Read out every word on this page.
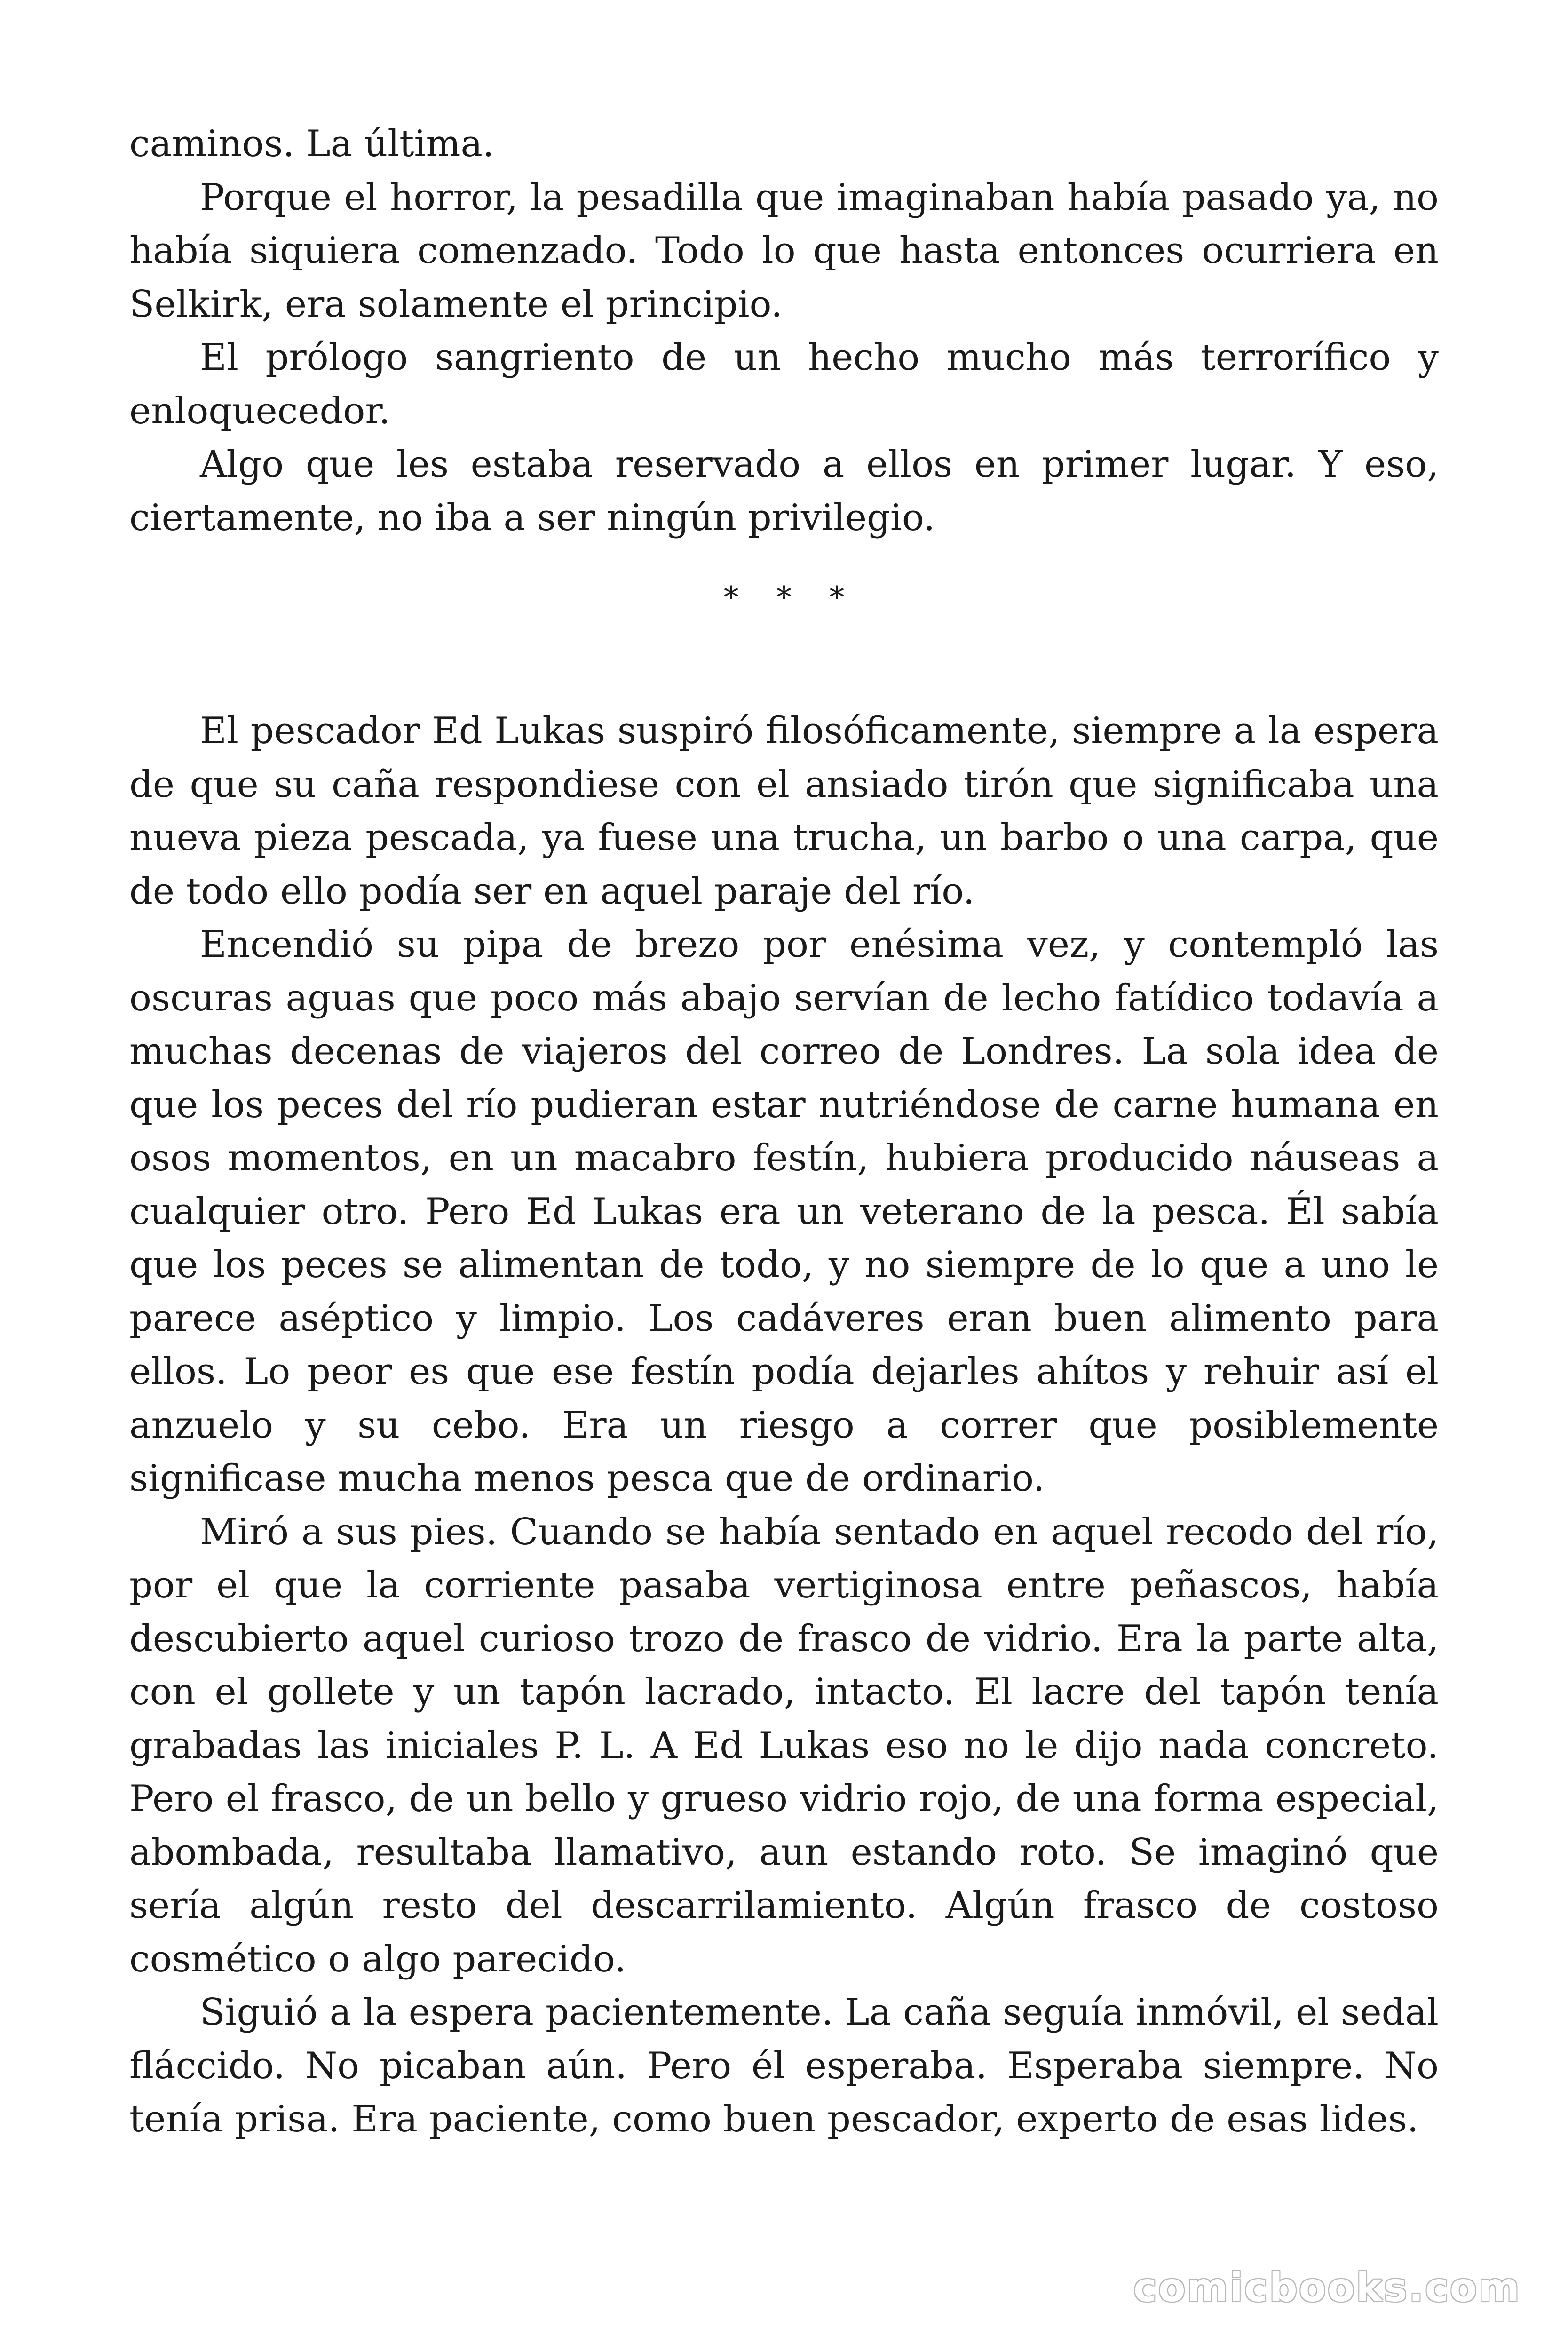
caminos. La última.

Porque el horror, la pesadilla que imaginaban había pasado ya, no había siquiera comenzado. Todo lo que hasta entonces ocurriera en Selkirk, era solamente el principio.

El prólogo sangriento de un hecho mucho más terrorífico y enloquecedor.

Algo que les estaba reservado a ellos en primer lugar. Y eso, ciertamente, no iba a ser ningún privilegio.

* * *

El pescador Ed Lukas suspiró filosóficamente, siempre a la espera de que su caña respondiese con el ansiado tirón que significaba una nueva pieza pescada, ya fuese una trucha, un barbo o una carpa, que de todo ello podía ser en aquel paraje del río.

Encendió su pipa de brezo por enésima vez, y contempló las oscuras aguas que poco más abajo servían de lecho fatídico todavía a muchas decenas de viajeros del correo de Londres. La sola idea de que los peces del río pudieran estar nutriéndose de carne humana en osos momentos, en un macabro festín, hubiera producido náuseas a cualquier otro. Pero Ed Lukas era un veterano de la pesca. Él sabía que los peces se alimentan de todo, y no siempre de lo que a uno le parece aséptico y limpio. Los cadáveres eran buen alimento para ellos. Lo peor es que ese festín podía dejarles ahítos y rehuir así el anzuelo y su cebo. Era un riesgo a correr que posiblemente significase mucha menos pesca que de ordinario.

Miró a sus pies. Cuando se había sentado en aquel recodo del río, por el que la corriente pasaba vertiginosa entre peñascos, había descubierto aquel curioso trozo de frasco de vidrio. Era la parte alta, con el gollete y un tapón lacrado, intacto. El lacre del tapón tenía grabadas las iniciales P. L. A Ed Lukas eso no le dijo nada concreto. Pero el frasco, de un bello y grueso vidrio rojo, de una forma especial, abombada, resultaba llamativo, aun estando roto. Se imaginó que sería algún resto del descarrilamiento. Algún frasco de costoso cosmético o algo parecido.

Siguió a la espera pacientemente. La caña seguía inmóvil, el sedal fláccido. No picaban aún. Pero él esperaba. Esperaba siempre. No tenía prisa. Era paciente, como buen pescador, experto de esas lides.

comicbooks.com
